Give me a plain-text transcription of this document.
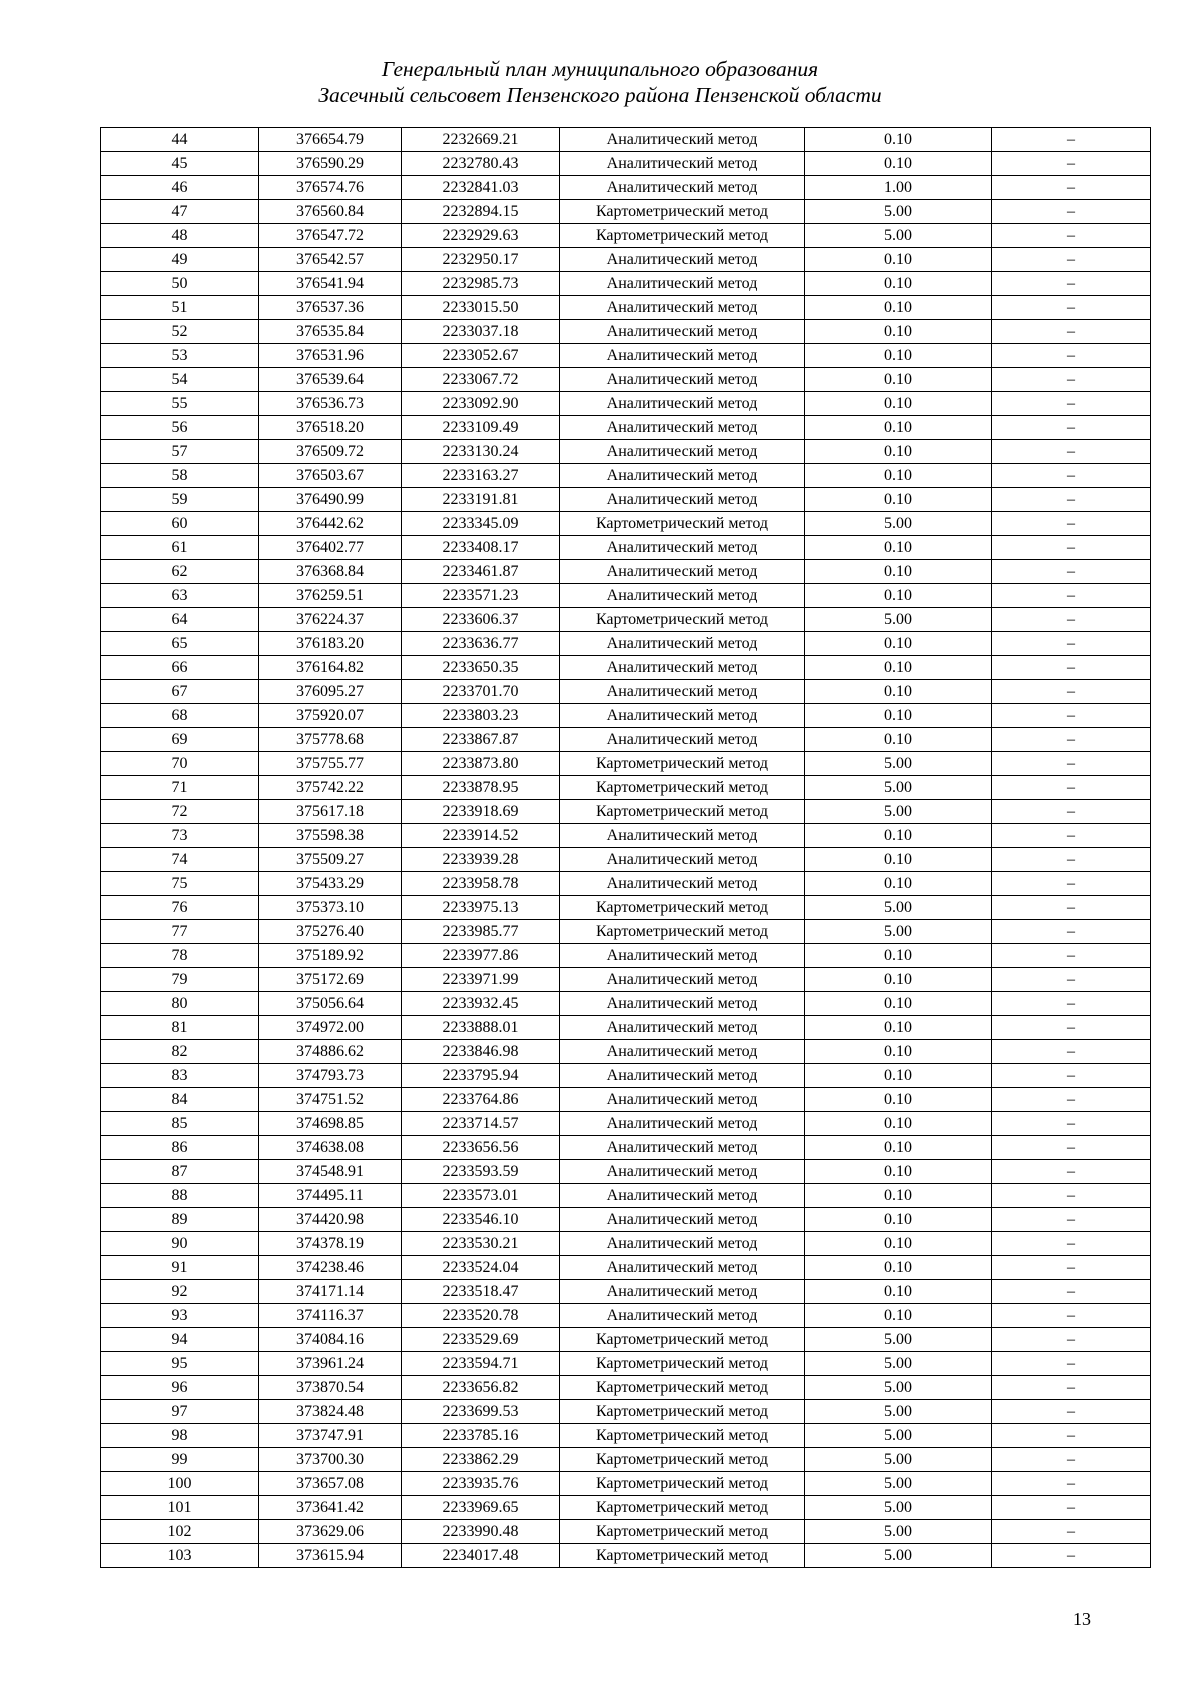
Генеральный план муниципального образования
Засечный сельсовет Пензенского района Пензенской области
44	376654.79	2232669.21	Аналитический метод	0.10	–
45	376590.29	2232780.43	Аналитический метод	0.10	–
46	376574.76	2232841.03	Аналитический метод	1.00	–
47	376560.84	2232894.15	Картометрический метод	5.00	–
48	376547.72	2232929.63	Картометрический метод	5.00	–
49	376542.57	2232950.17	Аналитический метод	0.10	–
50	376541.94	2232985.73	Аналитический метод	0.10	–
51	376537.36	2233015.50	Аналитический метод	0.10	–
52	376535.84	2233037.18	Аналитический метод	0.10	–
53	376531.96	2233052.67	Аналитический метод	0.10	–
54	376539.64	2233067.72	Аналитический метод	0.10	–
55	376536.73	2233092.90	Аналитический метод	0.10	–
56	376518.20	2233109.49	Аналитический метод	0.10	–
57	376509.72	2233130.24	Аналитический метод	0.10	–
58	376503.67	2233163.27	Аналитический метод	0.10	–
59	376490.99	2233191.81	Аналитический метод	0.10	–
60	376442.62	2233345.09	Картометрический метод	5.00	–
61	376402.77	2233408.17	Аналитический метод	0.10	–
62	376368.84	2233461.87	Аналитический метод	0.10	–
63	376259.51	2233571.23	Аналитический метод	0.10	–
64	376224.37	2233606.37	Картометрический метод	5.00	–
65	376183.20	2233636.77	Аналитический метод	0.10	–
66	376164.82	2233650.35	Аналитический метод	0.10	–
67	376095.27	2233701.70	Аналитический метод	0.10	–
68	375920.07	2233803.23	Аналитический метод	0.10	–
69	375778.68	2233867.87	Аналитический метод	0.10	–
70	375755.77	2233873.80	Картометрический метод	5.00	–
71	375742.22	2233878.95	Картометрический метод	5.00	–
72	375617.18	2233918.69	Картометрический метод	5.00	–
73	375598.38	2233914.52	Аналитический метод	0.10	–
74	375509.27	2233939.28	Аналитический метод	0.10	–
75	375433.29	2233958.78	Аналитический метод	0.10	–
76	375373.10	2233975.13	Картометрический метод	5.00	–
77	375276.40	2233985.77	Картометрический метод	5.00	–
78	375189.92	2233977.86	Аналитический метод	0.10	–
79	375172.69	2233971.99	Аналитический метод	0.10	–
80	375056.64	2233932.45	Аналитический метод	0.10	–
81	374972.00	2233888.01	Аналитический метод	0.10	–
82	374886.62	2233846.98	Аналитический метод	0.10	–
83	374793.73	2233795.94	Аналитический метод	0.10	–
84	374751.52	2233764.86	Аналитический метод	0.10	–
85	374698.85	2233714.57	Аналитический метод	0.10	–
86	374638.08	2233656.56	Аналитический метод	0.10	–
87	374548.91	2233593.59	Аналитический метод	0.10	–
88	374495.11	2233573.01	Аналитический метод	0.10	–
89	374420.98	2233546.10	Аналитический метод	0.10	–
90	374378.19	2233530.21	Аналитический метод	0.10	–
91	374238.46	2233524.04	Аналитический метод	0.10	–
92	374171.14	2233518.47	Аналитический метод	0.10	–
93	374116.37	2233520.78	Аналитический метод	0.10	–
94	374084.16	2233529.69	Картометрический метод	5.00	–
95	373961.24	2233594.71	Картометрический метод	5.00	–
96	373870.54	2233656.82	Картометрический метод	5.00	–
97	373824.48	2233699.53	Картометрический метод	5.00	–
98	373747.91	2233785.16	Картометрический метод	5.00	–
99	373700.30	2233862.29	Картометрический метод	5.00	–
100	373657.08	2233935.76	Картометрический метод	5.00	–
101	373641.42	2233969.65	Картометрический метод	5.00	–
102	373629.06	2233990.48	Картометрический метод	5.00	–
103	373615.94	2234017.48	Картометрический метод	5.00	–
13
